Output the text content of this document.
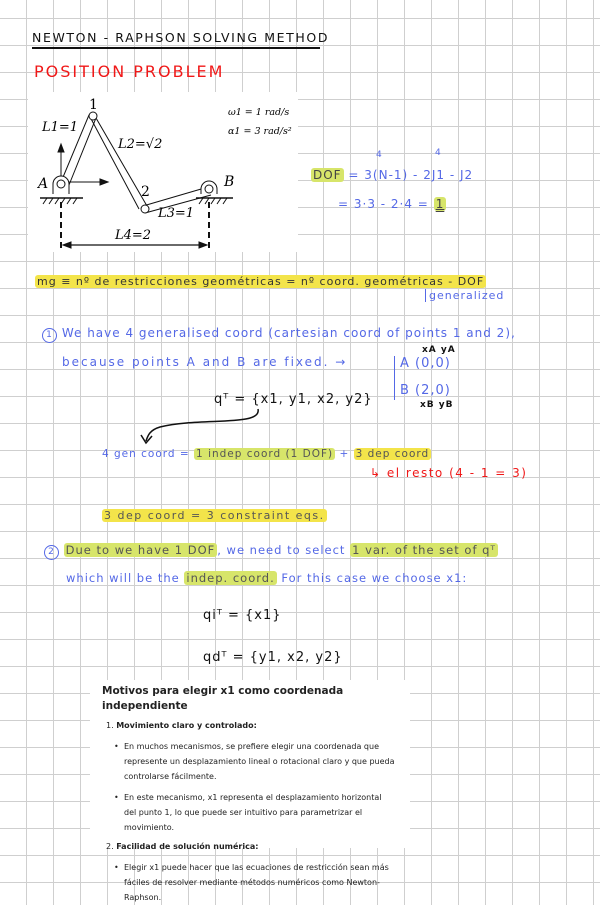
NEWTON - RAPHSON SOLVING METHOD
POSITION PROBLEM
1
2
A	B
L1=1
L2=√2
L3=1
L4=2
ω1 = 1 rad/s
α1 = 3 rad/s²
DOF = 3(N-1) - 2J1 - J2
4	4
= 3·3 - 2·4 = 1
mg ≡ nº de restricciones geométricas = nº coord. geométricas - DOF
generalized
1 We have 4 generalised coord (cartesian coord of points 1 and 2),
because points A and B are fixed. →
xA yA
A (0,0)
B (2,0)
xB yB
qᵀ = {x1, y1, x2, y2}
4 gen coord = 1 indep coord (1 DOF) + 3 dep coord
↳ el resto (4 - 1 = 3)
3 dep coord = 3 constraint eqs.
2 Due to we have 1 DOF , we need to select 1 var. of the set of qᵀ
which will be the indep. coord. For this case we choose x1:
qiᵀ = {x1}
qdᵀ = {y1, x2, y2}
Motivos para elegir x1 como coordenada independiente
1. Movimiento claro y controlado:
• En muchos mecanismos, se prefiere elegir una coordenada que represente un desplazamiento lineal o rotacional claro y que pueda controlarse fácilmente.
• En este mecanismo, x1 representa el desplazamiento horizontal del punto 1, lo que puede ser intuitivo para parametrizar el movimiento.
2. Facilidad de solución numérica:
• Elegir x1 puede hacer que las ecuaciones de restricción sean más fáciles de resolver mediante métodos numéricos como Newton-Raphson.
